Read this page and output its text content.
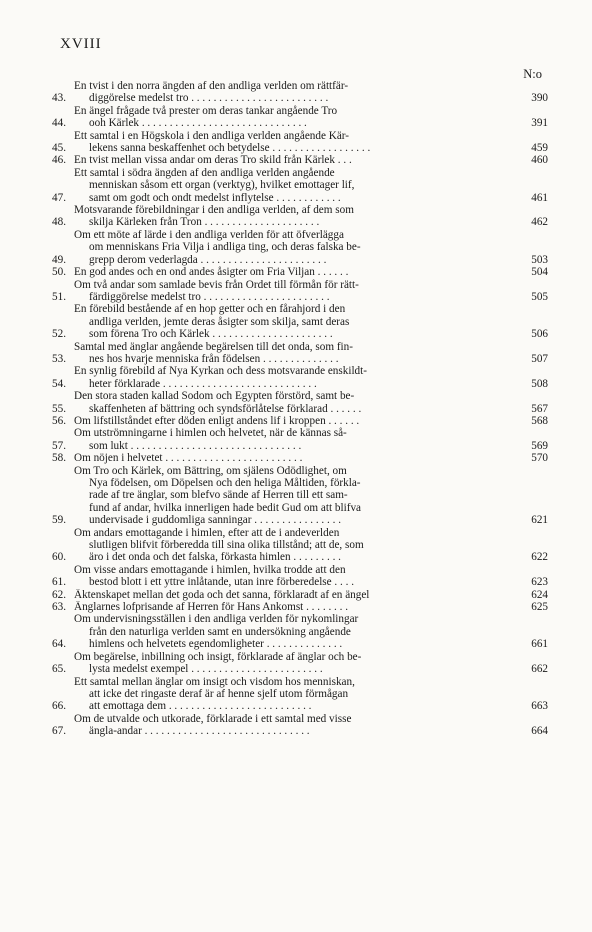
XVIII
N:o
43.
En tvist i den norra ängden af den andliga verlden om rättfär-
diggörelse medelst tro . . . . . . . . . . . . . . . . . . . . . . . . .	390
44.
En ängel frågade två prester om deras tankar angående Tro
ooh Kärlek . . . . . . . . . . . . . . . . . . . . . . . . . . . . . .	391
45.
Ett samtal i en Högskola i den andliga verlden angående Kär-
lekens sanna beskaffenhet och betydelse . . . . . . . . . . . . . . . . . .	459
46. En tvist mellan vissa andar om deras Tro skild från Kärlek . . .	460
47.
Ett samtal i södra ängden af den andliga verlden angående
menniskan såsom ett organ (verktyg), hvilket emottager lif,
samt om godt och ondt medelst inflytelse . . . . . . . . . . . .	461
48.
Motsvarande förebildningar i den andliga verlden, af dem som
skilja Kärleken från Tron . . . . . . . . . . . . . . . . . . . . .	462
49.
Om ett möte af lärde i den andliga verlden för att öfverlägga
om menniskans Fria Vilja i andliga ting, och deras falska be-
grepp derom vederlagda . . . . . . . . . . . . . . . . . . . . . . .	503
50. En god andes och en ond andes åsigter om Fria Viljan . . . . . .	504
51.
Om två andar som samlade bevis från Ordet till förmån för rätt-
färdiggörelse medelst tro . . . . . . . . . . . . . . . . . . . . . . .	505
52.
En förebild bestående af en hop getter och en fårahjord i den
andliga verlden, jemte deras åsigter som skilja, samt deras
som förena Tro och Kärlek . . . . . . . . . . . . . . . . . . . . . .	506
53.
Samtal med änglar angående begärelsen till det onda, som fin-
nes hos hvarje menniska från födelsen . . . . . . . . . . . . . .	507
54.
En synlig förebild af Nya Kyrkan och dess motsvarande enskildt-
heter förklarade . . . . . . . . . . . . . . . . . . . . . . . . . . . .	508
55.
Den stora staden kallad Sodom och Egypten förstörd, samt be-
skaffenheten af bättring och syndsförlåtelse förklarad . . . . . .	567
56. Om lifstillståndet efter döden enligt andens lif i kroppen . . . . . .	568
57.
Om utströmningarne i himlen och helvetet, när de kännas så-
som lukt . . . . . . . . . . . . . . . . . . . . . . . . . . . . . . .	569
58. Om nöjen i helvetet . . . . . . . . . . . . . . . . . . . . . . . . .	570
59.
Om Tro och Kärlek, om Bättring, om själens Odödlighet, om
Nya födelsen, om Döpelsen och den heliga Måltiden, förkla-
rade af tre änglar, som blefvo sände af Herren till ett sam-
fund af andar, hvilka innerligen hade bedit Gud om att blifva
undervisade i guddomliga sanningar . . . . . . . . . . . . . . . .	621
60.
Om andars emottagande i himlen, efter att de i andeverlden
slutligen blifvit förberedda till sina olika tillstånd; att de, som
äro i det onda och det falska, förkasta himlen . . . . . . . . .	622
61.
Om visse andars emottagande i himlen, hvilka trodde att den
bestod blott i ett yttre inlåtande, utan inre förberedelse . . . .	623
62. Äktenskapet mellan det goda och det sanna, förklaradt af en ängel	624
63. Änglarnes lofprisande af Herren för Hans Ankomst . . . . . . . .	625
64.
Om undervisningsställen i den andliga verlden för nykomlingar
från den naturliga verlden samt en undersökning angående
himlens och helvetets egendomligheter . . . . . . . . . . . . . .	661
65.
Om begärelse, inbillning och insigt, förklarade af änglar och be-
lysta medelst exempel . . . . . . . . . . . . . . . . . . . . . . . .	662
66.
Ett samtal mellan änglar om insigt och visdom hos menniskan,
att icke det ringaste deraf är af henne sjelf utom förmågan
att emottaga dem . . . . . . . . . . . . . . . . . . . . . . . . . .	663
67.
Om de utvalde och utkorade, förklarade i ett samtal med visse
ängla-andar . . . . . . . . . . . . . . . . . . . . . . . . . . . . . .	664
